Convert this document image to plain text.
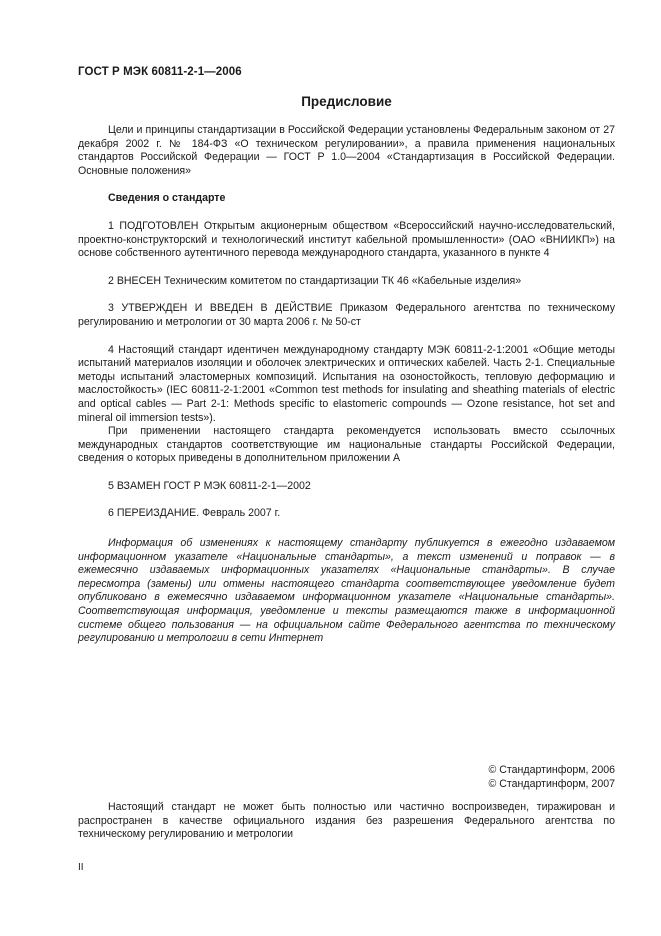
ГОСТ Р МЭК 60811-2-1—2006
Предисловие

Цели и принципы стандартизации в Российской Федерации установлены Федеральным законом от 27 декабря 2002 г. № 184-ФЗ «О техническом регулировании», а правила применения национальных стандартов Российской Федерации — ГОСТ Р 1.0—2004 «Стандартизация в Российской Федерации. Основные положения»

Сведения о стандарте

1 ПОДГОТОВЛЕН Открытым акционерным обществом «Всероссийский научно-исследовательский, проектно-конструкторский и технологический институт кабельной промышленности» (ОАО «ВНИИКП») на основе собственного аутентичного перевода международного стандарта, указанного в пункте 4

2 ВНЕСЕН Техническим комитетом по стандартизации ТК 46 «Кабельные изделия»

3 УТВЕРЖДЕН И ВВЕДЕН В ДЕЙСТВИЕ Приказом Федерального агентства по техническому регулированию и метрологии от 30 марта 2006 г. № 50-ст

4 Настоящий стандарт идентичен международному стандарту МЭК 60811-2-1:2001 «Общие методы испытаний материалов изоляции и оболочек электрических и оптических кабелей. Часть 2-1. Специальные методы испытаний эластомерных композиций. Испытания на озоностойкость, тепловую деформацию и маслостойкость» (IEC 60811-2-1:2001 «Common test methods for insulating and sheathing materials of electric and optical cables — Part 2-1: Methods specific to elastomeric compounds — Ozone resistance, hot set and mineral oil immersion tests»).

При применении настоящего стандарта рекомендуется использовать вместо ссылочных международных стандартов соответствующие им национальные стандарты Российской Федерации, сведения о которых приведены в дополнительном приложении А

5 ВЗАМЕН ГОСТ Р МЭК 60811-2-1—2002

6 ПЕРЕИЗДАНИЕ. Февраль 2007 г.

Информация об изменениях к настоящему стандарту публикуется в ежегодно издаваемом информационном указателе «Национальные стандарты», а текст изменений и поправок — в ежемесячно издаваемых информационных указателях «Национальные стандарты». В случае пересмотра (замены) или отмены настоящего стандарта соответствующее уведомление будет опубликовано в ежемесячно издаваемом информационном указателе «Национальные стандарты». Соответствующая информация, уведомление и тексты размещаются также в информационной системе общего пользования — на официальном сайте Федерального агентства по техническому регулированию и метрологии в сети Интернет

© Стандартинформ, 2006
© Стандартинформ, 2007

Настоящий стандарт не может быть полностью или частично воспроизведен, тиражирован и распространен в качестве официального издания без разрешения Федерального агентства по техническому регулированию и метрологии

II
